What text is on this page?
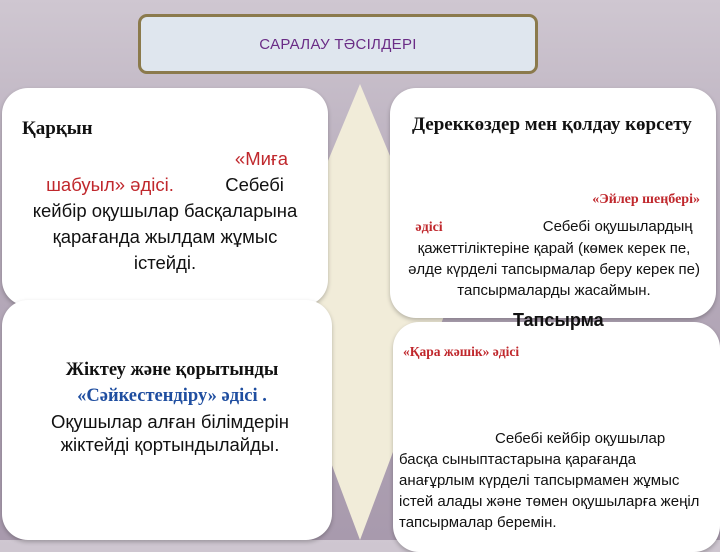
САРАЛАУ ТӘСІЛДЕРІ
Қарқын
«Миға
шабуыл» әдісі.	Себебі кейбір оқушылар басқаларына қарағанда жылдам жұмыс істейді.
Дереккөздер мен қолдау көрсету
«Эйлер шеңбері»
әдісі	Себебі оқушылардың қажеттіліктеріне қарай (көмек керек пе, әлде күрделі тапсырмалар беру керек пе) тапсырмаларды жасаймын.
Жіктеу және қорытынды
«Сәйкестендіру» әдісі .
Оқушылар алған білімдерін жіктейді қортындылайды.
«Қара жәшік» әдісі
Себебі кейбір оқушылар
басқа сыныптастарына қарағанда анағұрлым күрделі тапсырмамен жұмыс істей алады және төмен оқушыларға жеңіл тапсырмалар беремін.
Тапсырма
